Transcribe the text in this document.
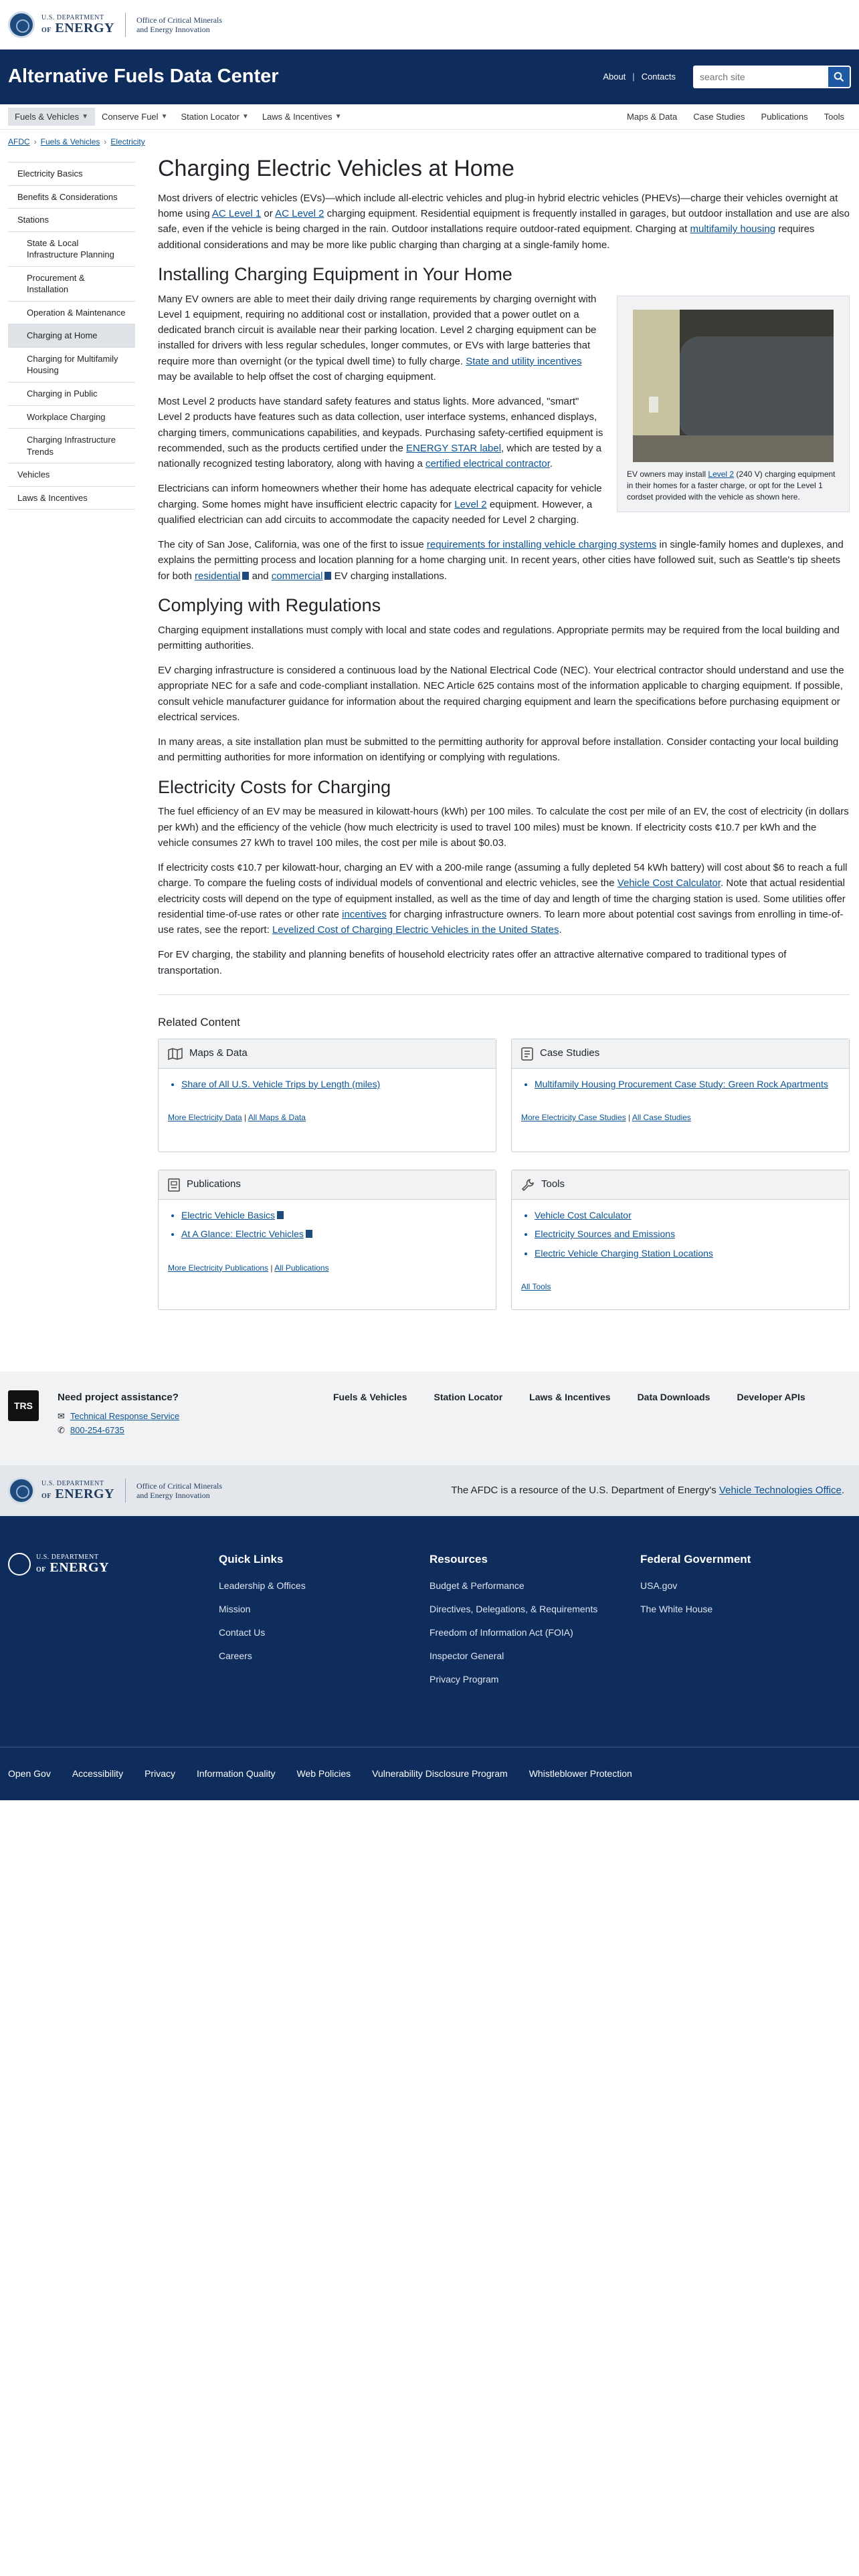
U.S. DEPARTMENT
OF ENERGY
Office of Critical Minerals
and Energy Innovation
Alternative Fuels Data Center	About | Contacts
search site
Fuels & Vehicles ▼ Conserve Fuel ▼ Station Locator ▼ Laws & Incentives ▼	Maps & Data Case Studies Publications Tools
AFDC › Fuels & Vehicles › Electricity
Electricity Basics
Benefits & Considerations
Stations
State & Local Infrastructure Planning
Procurement & Installation
Operation & Maintenance
Charging at Home
Charging for Multifamily Housing
Charging in Public
Workplace Charging
Charging Infrastructure Trends
Vehicles
Laws & Incentives
Charging Electric Vehicles at Home

Most drivers of electric vehicles (EVs)—which include all-electric vehicles and plug-in hybrid electric vehicles (PHEVs)—charge their vehicles overnight at home using AC Level 1 or AC Level 2 charging equipment. Residential equipment is frequently installed in garages, but outdoor installation and use are also safe, even if the vehicle is being charged in the rain. Outdoor installations require outdoor-rated equipment. Charging at multifamily housing requires additional considerations and may be more like public charging than charging at a single-family home.

Installing Charging Equipment in Your Home
EV owners may install Level 2 (240 V) charging equipment in their homes for a faster charge, or opt for the Level 1 cordset provided with the vehicle as shown here.

Many EV owners are able to meet their daily driving range requirements by charging overnight with Level 1 equipment, requiring no additional cost or installation, provided that a power outlet on a dedicated branch circuit is available near their parking location. Level 2 charging equipment can be installed for drivers with less regular schedules, longer commutes, or EVs with large batteries that require more than overnight (or the typical dwell time) to fully charge. State and utility incentives may be available to help offset the cost of charging equipment.

Most Level 2 products have standard safety features and status lights. More advanced, "smart" Level 2 products have features such as data collection, user interface systems, enhanced displays, charging timers, communications capabilities, and keypads. Purchasing safety-certified equipment is recommended, such as the products certified under the ENERGY STAR label, which are tested by a nationally recognized testing laboratory, along with having a certified electrical contractor.

Electricians can inform homeowners whether their home has adequate electrical capacity for vehicle charging. Some homes might have insufficient electric capacity for Level 2 equipment. However, a qualified electrician can add circuits to accommodate the capacity needed for Level 2 charging.

The city of San Jose, California, was one of the first to issue requirements for installing vehicle charging systems in single-family homes and duplexes, and explains the permitting process and location planning for a home charging unit. In recent years, other cities have followed suit, such as Seattle's tip sheets for both residential and commercial EV charging installations.

Complying with Regulations

Charging equipment installations must comply with local and state codes and regulations. Appropriate permits may be required from the local building and permitting authorities.

EV charging infrastructure is considered a continuous load by the National Electrical Code (NEC). Your electrical contractor should understand and use the appropriate NEC for a safe and code-compliant installation. NEC Article 625 contains most of the information applicable to charging equipment. If possible, consult vehicle manufacturer guidance for information about the required charging equipment and learn the specifications before purchasing equipment or electrical services.

In many areas, a site installation plan must be submitted to the permitting authority for approval before installation. Consider contacting your local building and permitting authorities for more information on identifying or complying with regulations.

Electricity Costs for Charging

The fuel efficiency of an EV may be measured in kilowatt-hours (kWh) per 100 miles. To calculate the cost per mile of an EV, the cost of electricity (in dollars per kWh) and the efficiency of the vehicle (how much electricity is used to travel 100 miles) must be known. If electricity costs ¢10.7 per kWh and the vehicle consumes 27 kWh to travel 100 miles, the cost per mile is about $0.03.

If electricity costs ¢10.7 per kilowatt-hour, charging an EV with a 200-mile range (assuming a fully depleted 54 kWh battery) will cost about $6 to reach a full charge. To compare the fueling costs of individual models of conventional and electric vehicles, see the Vehicle Cost Calculator. Note that actual residential electricity costs will depend on the type of equipment installed, as well as the time of day and length of time the charging station is used. Some utilities offer residential time-of-use rates or other rate incentives for charging infrastructure owners. To learn more about potential cost savings from enrolling in time-of-use rates, see the report: Levelized Cost of Charging Electric Vehicles in the United States.

For EV charging, the stability and planning benefits of household electricity rates offer an attractive alternative compared to traditional types of transportation.

Related Content
Maps & Data
• Share of All U.S. Vehicle Trips by Length (miles)
More Electricity Data | All Maps & Data
Case Studies
• Multifamily Housing Procurement Case Study: Green Rock Apartments
More Electricity Case Studies | All Case Studies
Publications
• Electric Vehicle Basics
• At A Glance: Electric Vehicles
More Electricity Publications | All Publications
Tools
• Vehicle Cost Calculator
• Electricity Sources and Emissions
• Electric Vehicle Charging Station Locations
All Tools
TRS
Need project assistance?
✉ Technical Response Service
✆ 800-254-6735
Fuels & Vehicles	Station Locator	Laws & Incentives	Data Downloads	Developer APIs
U.S. DEPARTMENT
OF ENERGY
Office of Critical Minerals
and Energy Innovation	The AFDC is a resource of the U.S. Department of Energy's Vehicle Technologies Office.
U.S. DEPARTMENT
OF ENERGY
Quick Links
Leadership & Offices
Mission
Contact Us
Careers
Resources
Budget & Performance
Directives, Delegations, & Requirements
Freedom of Information Act (FOIA)
Inspector General
Privacy Program
Federal Government
USA.gov
The White House
Open Gov Accessibility Privacy Information Quality Web Policies Vulnerability Disclosure Program Whistleblower Protection
